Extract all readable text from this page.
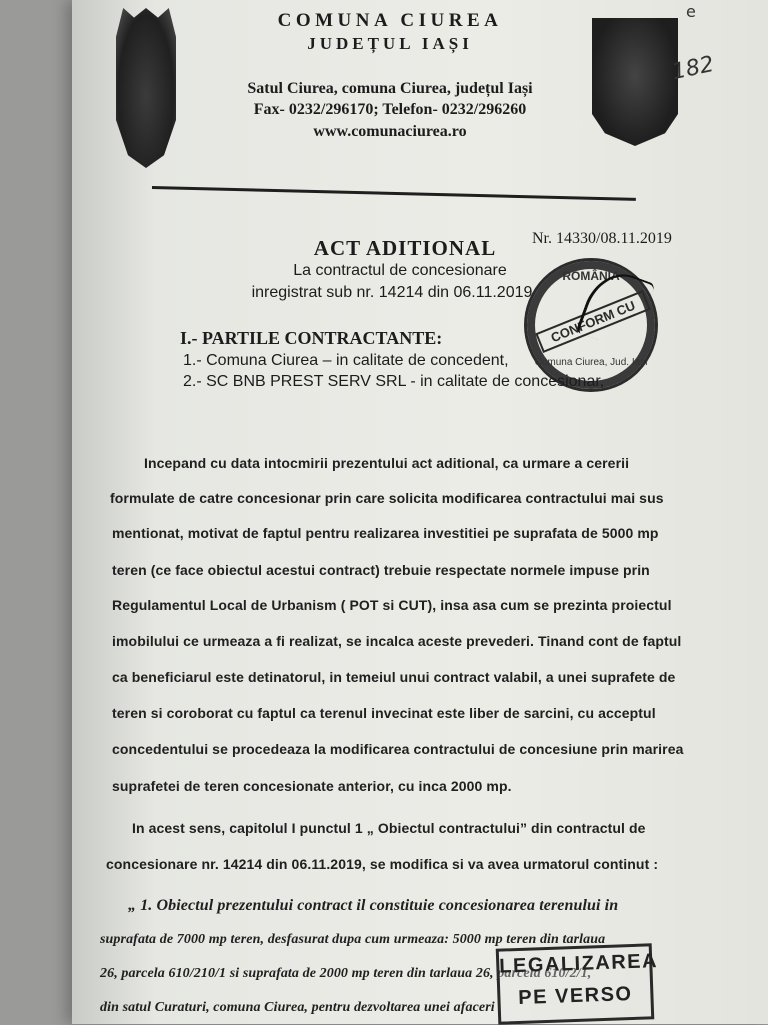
COMUNA CIUREA

JUDEȚUL IAȘI

Satul Ciurea, comuna Ciurea, județul Iași

Fax- 0232/296170; Telefon- 0232/296260

www.comunaciurea.ro

e

182

Nr. 14330/08.11.2019

ACT ADITIONAL

La contractul de concesionare

inregistrat sub nr. 14214 din 06.11.2019

ROMÂNIA
CONFORM CU
Comuna Ciurea, Jud. Iași

I.- PARTILE CONTRACTANTE:

1.- Comuna Ciurea – in calitate de concedent,

2.- SC BNB PREST SERV SRL - in calitate de concesionar,

Incepand cu data intocmirii prezentului act aditional, ca urmare a cererii

formulate de catre concesionar prin care solicita modificarea contractului mai sus

mentionat, motivat de faptul pentru realizarea investitiei pe suprafata de 5000 mp

teren (ce face obiectul acestui contract) trebuie respectate normele impuse prin

Regulamentul Local de Urbanism ( POT si CUT), insa asa cum se prezinta proiectul

imobilului ce urmeaza a fi realizat, se incalca aceste prevederi. Tinand cont de faptul

ca beneficiarul este detinatorul, in temeiul unui contract valabil, a unei suprafete de

teren si coroborat cu faptul ca terenul invecinat este liber de sarcini, cu acceptul

concedentului se procedeaza la modificarea contractului de concesiune prin marirea

suprafetei de teren concesionate anterior, cu inca 2000 mp.

In acest sens, capitolul I punctul 1 „ Obiectul contractului” din contractul de

concesionare nr. 14214 din 06.11.2019, se modifica si va avea urmatorul continut :

„ 1. Obiectul prezentului contract il constituie concesionarea terenului in

suprafata de 7000 mp teren, desfasurat dupa cum urmeaza: 5000 mp teren din tarlaua

26, parcela 610/210/1 si suprafata de 2000 mp teren din tarlaua 26, parcela 610/2/1,

din satul Curaturi, comuna Ciurea, pentru dezvoltarea unei afaceri

LEGALIZAREA
PE VERSO
